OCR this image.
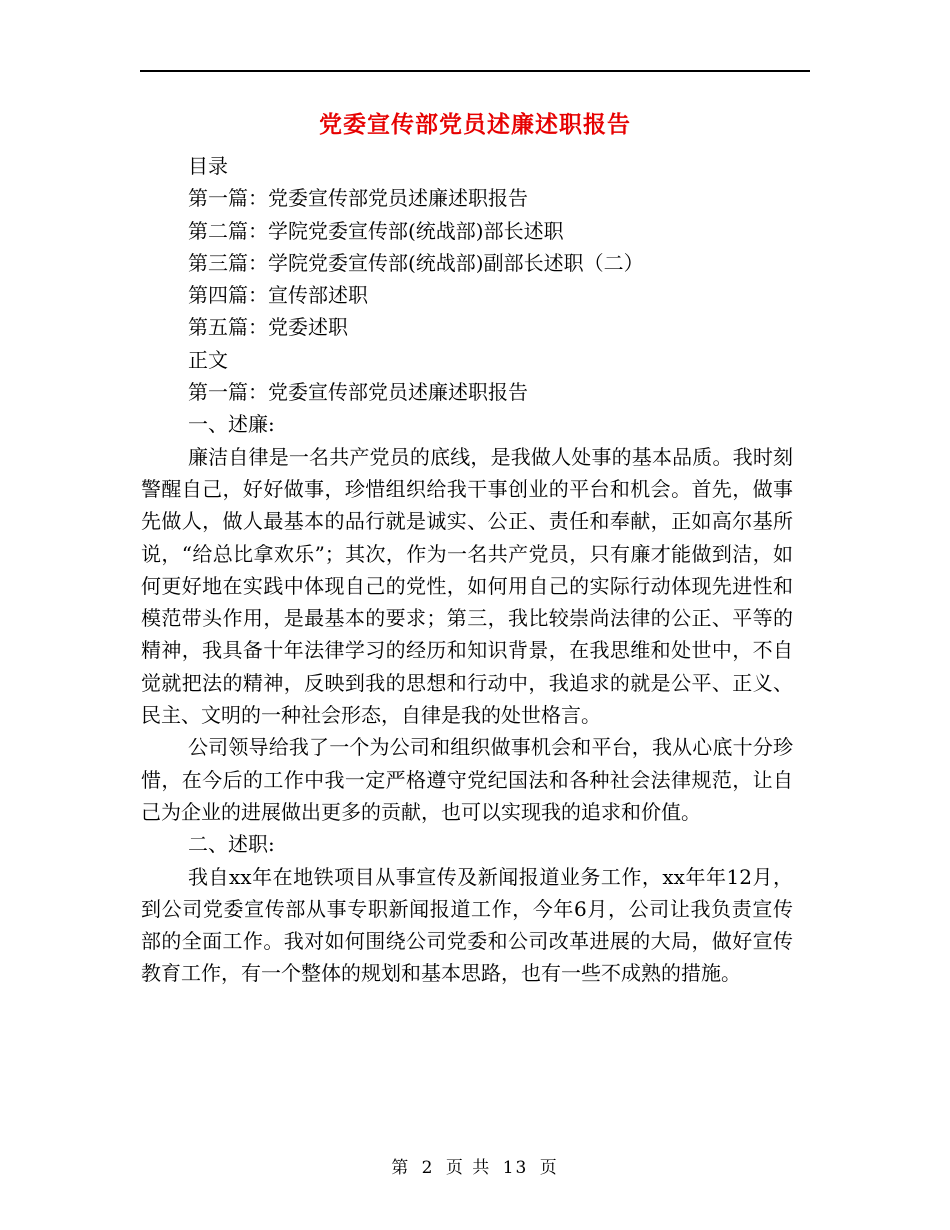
党委宣传部党员述廉述职报告
目录
第一篇：党委宣传部党员述廉述职报告
第二篇：学院党委宣传部(统战部)部长述职
第三篇：学院党委宣传部(统战部)副部长述职（二）
第四篇：宣传部述职
第五篇：党委述职
正文
第一篇：党委宣传部党员述廉述职报告
一、述廉:

廉洁自律是一名共产党员的底线，是我做人处事的基本品质。我时刻警醒自己，好好做事，珍惜组织给我干事创业的平台和机会。首先，做事先做人，做人最基本的品行就是诚实、公正、责任和奉献，正如高尔基所说，“给总比拿欢乐”；其次，作为一名共产党员，只有廉才能做到洁，如何更好地在实践中体现自己的党性，如何用自己的实际行动体现先进性和模范带头作用，是最基本的要求；第三，我比较崇尚法律的公正、平等的精神，我具备十年法律学习的经历和知识背景，在我思维和处世中，不自觉就把法的精神，反映到我的思想和行动中，我追求的就是公平、正义、民主、文明的一种社会形态，自律是我的处世格言。

公司领导给我了一个为公司和组织做事机会和平台，我从心底十分珍惜，在今后的工作中我一定严格遵守党纪国法和各种社会法律规范，让自己为企业的进展做出更多的贡献，也可以实现我的追求和价值。

二、述职:

我自xx年在地铁项目从事宣传及新闻报道业务工作，xx年年12月，到公司党委宣传部从事专职新闻报道工作，今年6月，公司让我负责宣传部的全面工作。我对如何围绕公司党委和公司改革进展的大局，做好宣传教育工作，有一个整体的规划和基本思路，也有一些不成熟的措施。

第 2 页 共 13 页
